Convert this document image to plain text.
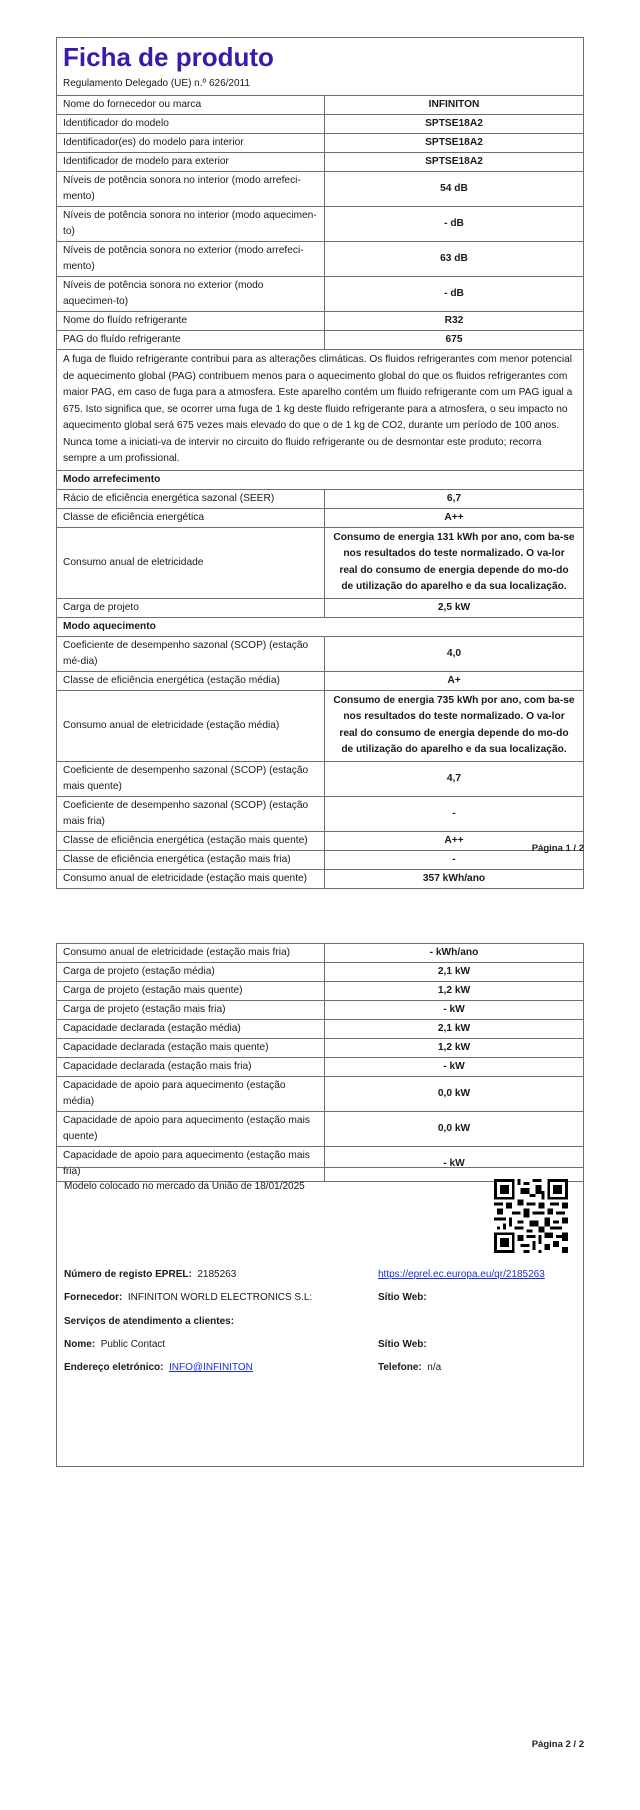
Ficha de produto
Regulamento Delegado (UE) n.º 626/2011	

Nome do fornecedor ou marca	INFINITON
Identificador do modelo	SPTSE18A2
Identificador(es) do modelo para interior	SPTSE18A2
Identificador de modelo para exterior	SPTSE18A2
Níveis de potência sonora no interior (modo arrefeci-mento)	54 dB
Níveis de potência sonora no interior (modo aquecimen-to)	- dB
Níveis de potência sonora no exterior (modo arrefeci-mento)	63 dB
Níveis de potência sonora no exterior (modo aquecimen-to)	- dB
Nome do fluído refrigerante	R32
PAG do fluído refrigerante	675
A fuga de fluido refrigerante contribui para as alterações climáticas. Os fluidos refrigerantes com menor potencial de aquecimento global (PAG) contribuem menos para o aquecimento global do que os fluidos refrigerantes com maior PAG, em caso de fuga para a atmosfera. Este aparelho contém um fluido refrigerante com um PAG igual a 675. Isto significa que, se ocorrer uma fuga de 1 kg deste fluido refrigerante para a atmosfera, o seu impacto no aquecimento global será 675 vezes mais elevado do que o de 1 kg de CO2, durante um período de 100 anos. Nunca tome a iniciati-va de intervir no circuito do fluido refrigerante ou de desmontar este produto; recorra sempre a um profissional.	
Modo arrefecimento	
Rácio de eficiência energética sazonal (SEER)	6,7
Classe de eficiência energética	A++
Consumo anual de eletricidade	Consumo de energia 131 kWh por ano, com ba-se nos resultados do teste normalizado. O va-lor real do consumo de energia depende do mo-do de utilização do aparelho e da sua localização.
Carga de projeto	2,5 kW
Modo aquecimento	
Coeficiente de desempenho sazonal (SCOP) (estação mé-dia)	4,0
Classe de eficiência energética (estação média)	A+
Consumo anual de eletricidade (estação média)	Consumo de energia 735 kWh por ano, com ba-se nos resultados do teste normalizado. O va-lor real do consumo de energia depende do mo-do de utilização do aparelho e da sua localização.
Coeficiente de desempenho sazonal (SCOP) (estação mais quente)	4,7
Coeficiente de desempenho sazonal (SCOP) (estação mais fria)	-
Classe de eficiência energética (estação mais quente)	A++
Classe de eficiência energética (estação mais fria)	-
Consumo anual de eletricidade (estação mais quente)	357 kWh/ano
Página 1 / 2
Consumo anual de eletricidade (estação mais fria)	- kWh/ano
Carga de projeto (estação média)	2,1 kW
Carga de projeto (estação mais quente)	1,2 kW
Carga de projeto (estação mais fria)	- kW
Capacidade declarada (estação média)	2,1 kW
Capacidade declarada (estação mais quente)	1,2 kW
Capacidade declarada (estação mais fria)	- kW
Capacidade de apoio para aquecimento (estação média)	0,0 kW
Capacidade de apoio para aquecimento (estação mais quente)	0,0 kW
Capacidade de apoio para aquecimento (estação mais fria)	- kW
Modelo colocado no mercado da União de 18/01/2025
Número de registo EPREL: 2185263	https://eprel.ec.europa.eu/qr/2185263
Fornecedor: INFINITON WORLD ELECTRONICS S.L:	Sítio Web:
Serviços de atendimento a clientes:
Nome: Public Contact	Sítio Web:
Endereço eletrónico: INFO@INFINITON	Telefone: n/a
Página 2 / 2
